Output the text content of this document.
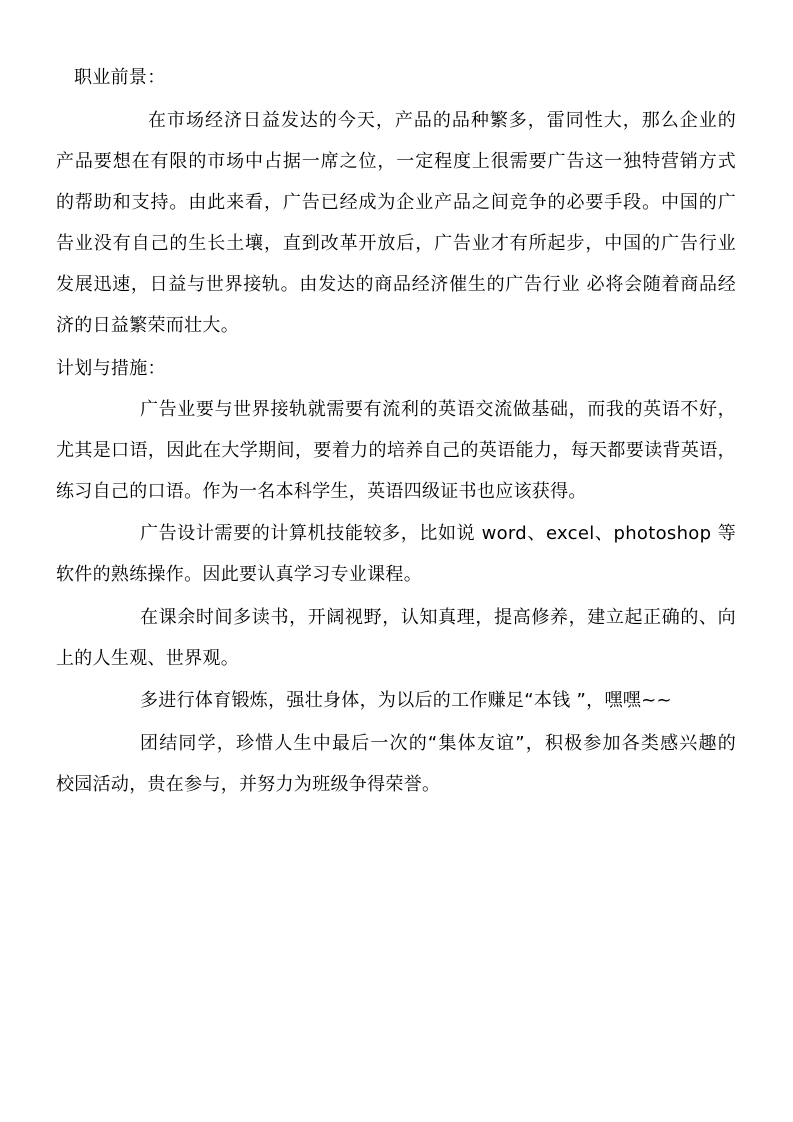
职业前景：
在市场经济日益发达的今天，产品的品种繁多，雷同性大，那么企业的
产品要想在有限的市场中占据一席之位，一定程度上很需要广告这一独特营销方式
的帮助和支持。由此来看，广告已经成为企业产品之间竞争的必要手段。中国的广
告业没有自己的生长土壤，直到改革开放后，广告业才有所起步，中国的广告行业
发展迅速，日益与世界接轨。由发达的商品经济催生的广告行业 必将会随着商品经
济的日益繁荣而壮大。
计划与措施：
广告业要与世界接轨就需要有流利的英语交流做基础，而我的英语不好，
尤其是口语，因此在大学期间，要着力的培养自己的英语能力，每天都要读背英语，
练习自己的口语。作为一名本科学生，英语四级证书也应该获得。
广告设计需要的计算机技能较多，比如说 word、excel、photoshop 等
软件的熟练操作。因此要认真学习专业课程。
在课余时间多读书，开阔视野，认知真理，提高修养，建立起正确的、向
上的人生观、世界观。
多进行体育锻炼，强壮身体，为以后的工作赚足“本钱 ”，嘿嘿~~
团结同学，珍惜人生中最后一次的“集体友谊”，积极参加各类感兴趣的
校园活动，贵在参与，并努力为班级争得荣誉。
